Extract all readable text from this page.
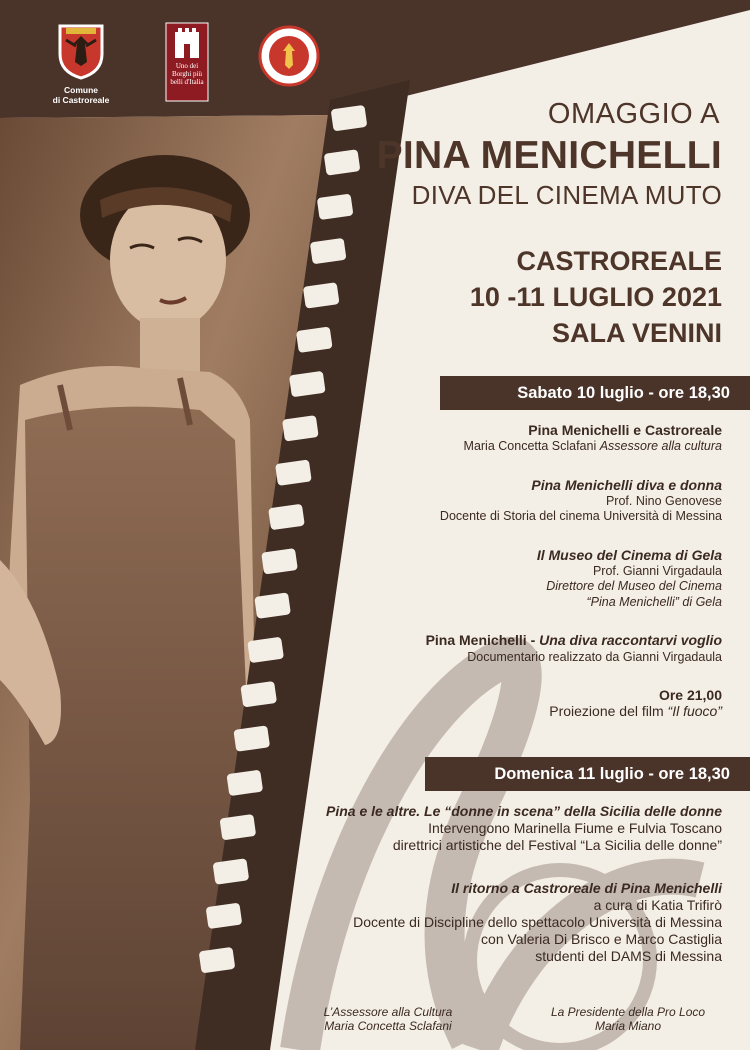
Comune
di Castroreale
Uno dei Borghi più belli d'Italia
OMAGGIO A
PINA MENICHELLI
DIVA DEL CINEMA MUTO
CASTROREALE
10 -11 LUGLIO 2021
SALA VENINI
Sabato 10 luglio - ore 18,30
Pina Menichelli e Castroreale
Maria Concetta Sclafani Assessore alla cultura
Pina Menichelli diva e donna
Prof. Nino Genovese
Docente di Storia del cinema Università di Messina
Il Museo del Cinema di Gela
Prof. Gianni Virgadaula
Direttore del Museo del Cinema
“Pina Menichelli” di Gela
Pina Menichelli - Una diva raccontarvi voglio
Documentario realizzato da Gianni Virgadaula
Ore 21,00
Proiezione del film “Il fuoco”
Domenica 11 luglio - ore 18,30
Pina e le altre. Le “donne in scena” della Sicilia delle donne
Intervengono Marinella Fiume e Fulvia Toscano
direttrici artistiche del Festival “La Sicilia delle donne”
Il ritorno a Castroreale di Pina Menichelli
a cura di Katia Trifirò
Docente di Discipline dello spettacolo Università di Messina
con Valeria Di Brisco e Marco Castiglia
studenti del DAMS di Messina
L’Assessore alla Cultura
Maria Concetta Sclafani
La Presidente della Pro Loco
Maria Miano
